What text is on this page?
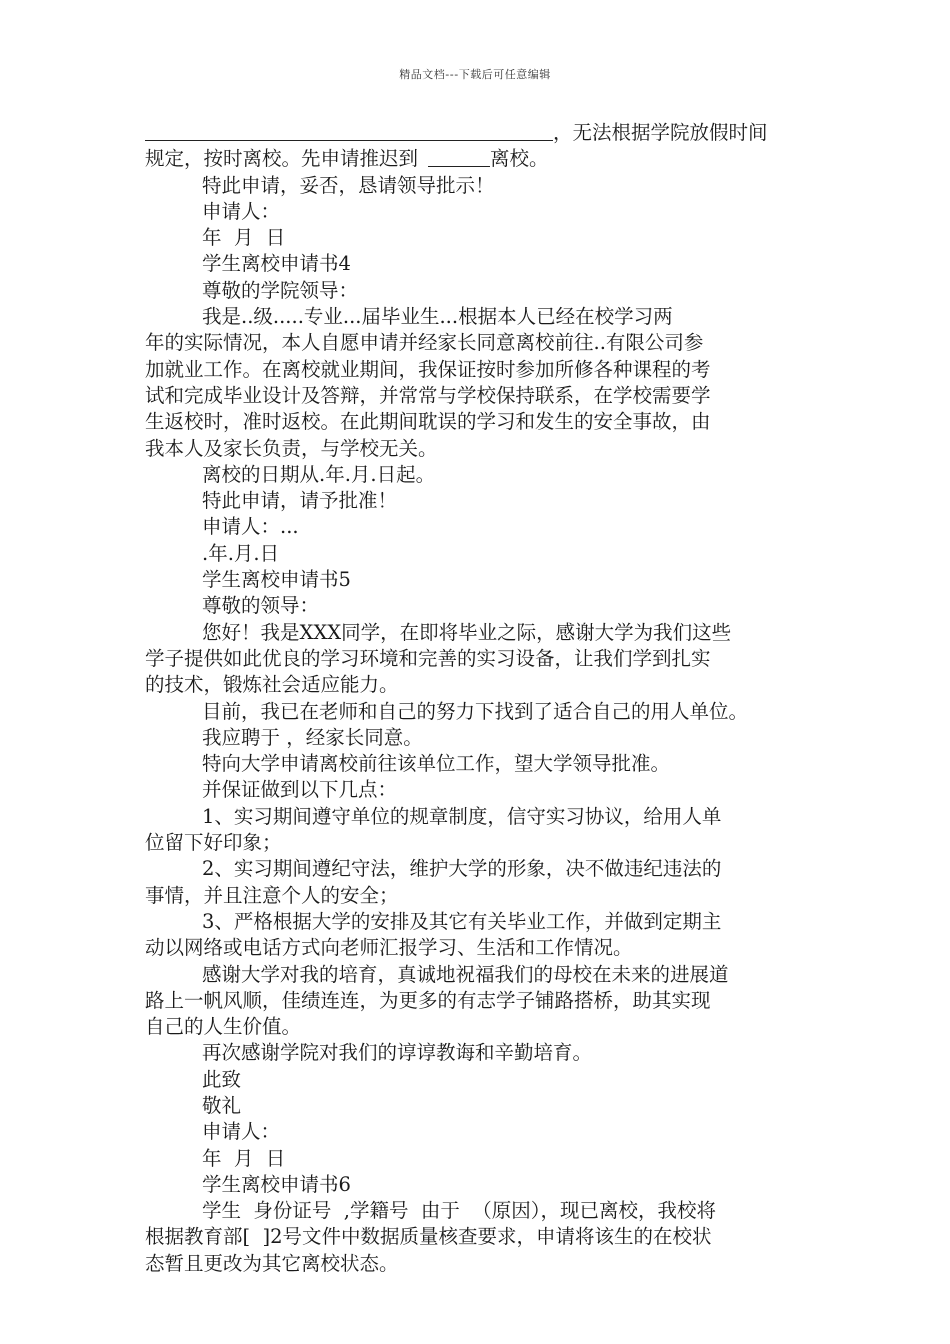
精品文档---下载后可任意编辑
，无法根据学院放假时间
规定，按时离校。先申请推迟到	离校。
特此申请，妥否，恳请领导批示！
申请人：
年  月  日
学生离校申请书4
尊敬的学院领导：
我是..级.....专业...届毕业生...根据本人已经在校学习两
年的实际情况，本人自愿申请并经家长同意离校前往..有限公司参
加就业工作。在离校就业期间，我保证按时参加所修各种课程的考
试和完成毕业设计及答辩，并常常与学校保持联系，在学校需要学
生返校时，准时返校。在此期间耽误的学习和发生的安全事故，由
我本人及家长负责，与学校无关。
离校的日期从.年.月.日起。
特此申请，请予批准！
申请人：...
.年.月.日
学生离校申请书5
尊敬的领导：
您好！我是XXX同学，在即将毕业之际，感谢大学为我们这些
学子提供如此优良的学习环境和完善的实习设备，让我们学到扎实
的技术，锻炼社会适应能力。
目前，我已在老师和自己的努力下找到了适合自己的用人单位。
我应聘于 ，经家长同意。
特向大学申请离校前往该单位工作，望大学领导批准。
并保证做到以下几点：
1、实习期间遵守单位的规章制度，信守实习协议，给用人单
位留下好印象；
2、实习期间遵纪守法，维护大学的形象，决不做违纪违法的
事情，并且注意个人的安全；
3、严格根据大学的安排及其它有关毕业工作，并做到定期主
动以网络或电话方式向老师汇报学习、生活和工作情况。
感谢大学对我的培育，真诚地祝福我们的母校在未来的进展道
路上一帆风顺，佳绩连连，为更多的有志学子铺路搭桥，助其实现
自己的人生价值。
再次感谢学院对我们的谆谆教诲和辛勤培育。
此致
敬礼
申请人：
年  月  日
学生离校申请书6
学生  身份证号  ,学籍号  由于  （原因），现已离校，我校将
根据教育部[  ]2号文件中数据质量核查要求，申请将该生的在校状
态暂且更改为其它离校状态。
